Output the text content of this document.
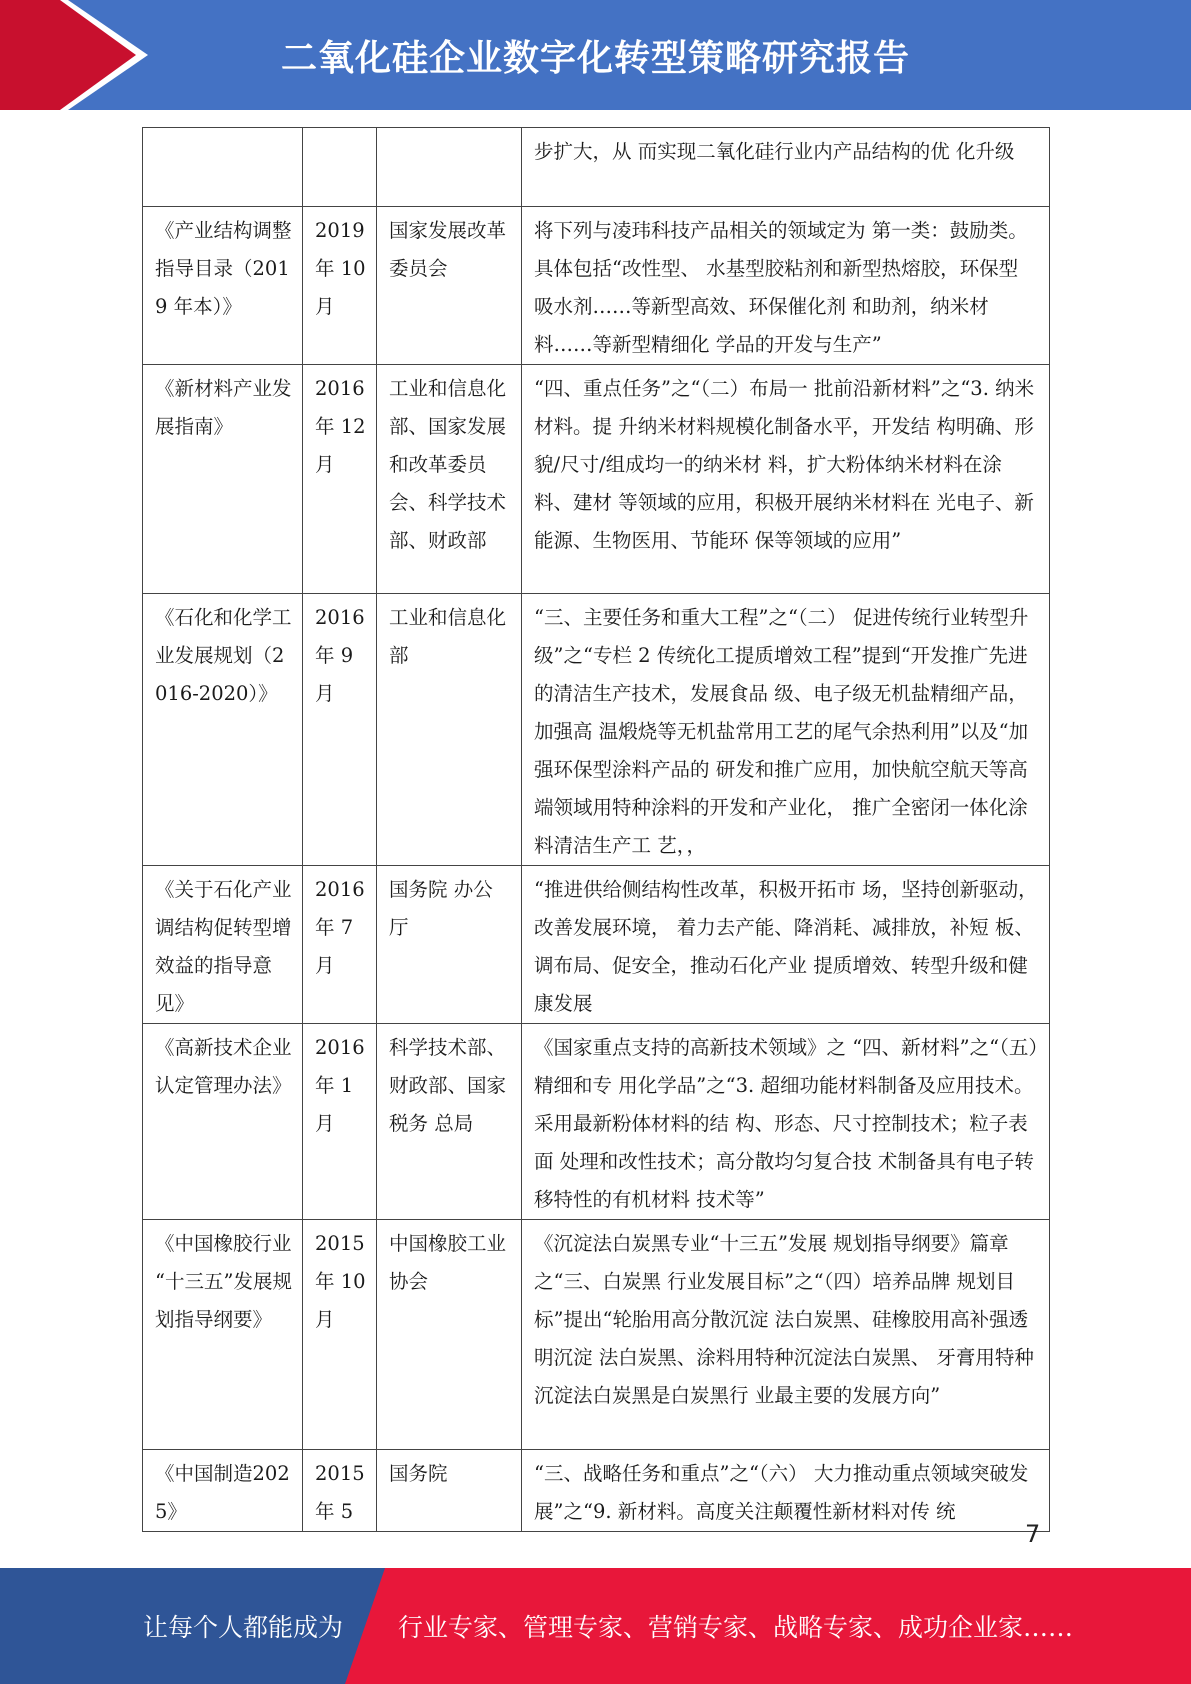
二氧化硅企业数字化转型策略研究报告
			步扩大，从 而实现二氧化硅行业内产品结构的优 化升级
《产业结构调整 指导目录（2019 年本）》	2019 年 10 月	国家发展改革 委员会	将下列与凌玮科技产品相关的领域定为 第一类：鼓励类。具体包括“改性型、 水基型胶粘剂和新型热熔胶，环保型 吸水剂……等新型高效、环保催化剂 和助剂，纳米材料……等新型精细化 学品的开发与生产”
《新材料产业发 展指南》	2016 年 12 月	工业和信息化 部、国家发展 和改革委员 会、科学技术 部、财政部	“四、重点任务”之“（二）布局一 批前沿新材料”之“3. 纳米材料。提 升纳米材料规模化制备水平，开发结 构明确、形貌/尺寸/组成均一的纳米材 料，扩大粉体纳米材料在涂料、建材 等领域的应用，积极开展纳米材料在 光电子、新能源、生物医用、节能环 保等领域的应用”
《石化和化学工 业发展规划（2016-2020）》	2016 年 9 月	工业和信息化 部	“三、主要任务和重大工程”之“（二） 促进传统行业转型升级”之“专栏 2 传统化工提质增效工程”提到“开发推广先进的清洁生产技术，发展食品 级、电子级无机盐精细产品，加强高 温煅烧等无机盐常用工艺的尾气余热利用”以及“加强环保型涂料产品的 研发和推广应用，加快航空航天等高 端领域用特种涂料的开发和产业化， 推广全密闭一体化涂料清洁生产工 艺，，
《关于石化产业 调结构促转型增 效益的指导意见》	2016 年 7 月	国务院 办公厅	“推进供给侧结构性改革，积极开拓市 场，坚持创新驱动，改善发展环境， 着力去产能、降消耗、减排放，补短 板、调布局、促安全，推动石化产业 提质增效、转型升级和健康发展
《高新技术企业 认定管理办法》	2016 年 1 月	科学技术部、 财政部、国家 税务 总局	《国家重点支持的高新技术领域》之 “四、新材料”之“（五）精细和专 用化学品”之“3. 超细功能材料制备及应用技术。采用最新粉体材料的结 构、形态、尺寸控制技术；粒子表面 处理和改性技术；高分散均匀复合技 术制备具有电子转移特性的有机材料 技术等”
《中国橡胶行业 “十三五”发展规划指导纲要》	2015 年 10 月	中国橡胶工业 协会	《沉淀法白炭黑专业“十三五”发展 规划指导纲要》篇章之“三、白炭黑 行业发展目标”之“（四）培养品牌 规划目标”提出“轮胎用高分散沉淀 法白炭黑、硅橡胶用高补强透明沉淀 法白炭黑、涂料用特种沉淀法白炭黑、 牙膏用特种沉淀法白炭黑是白炭黑行 业最主要的发展方向”
《中国制造2025》	2015 年 5	国务院	“三、战略任务和重点”之“（六） 大力推动重点领域突破发展”之“9. 新材料。高度关注颠覆性新材料对传 统
7
让每个人都能成为 行业专家、管理专家、营销专家、战略专家、成功企业家……
